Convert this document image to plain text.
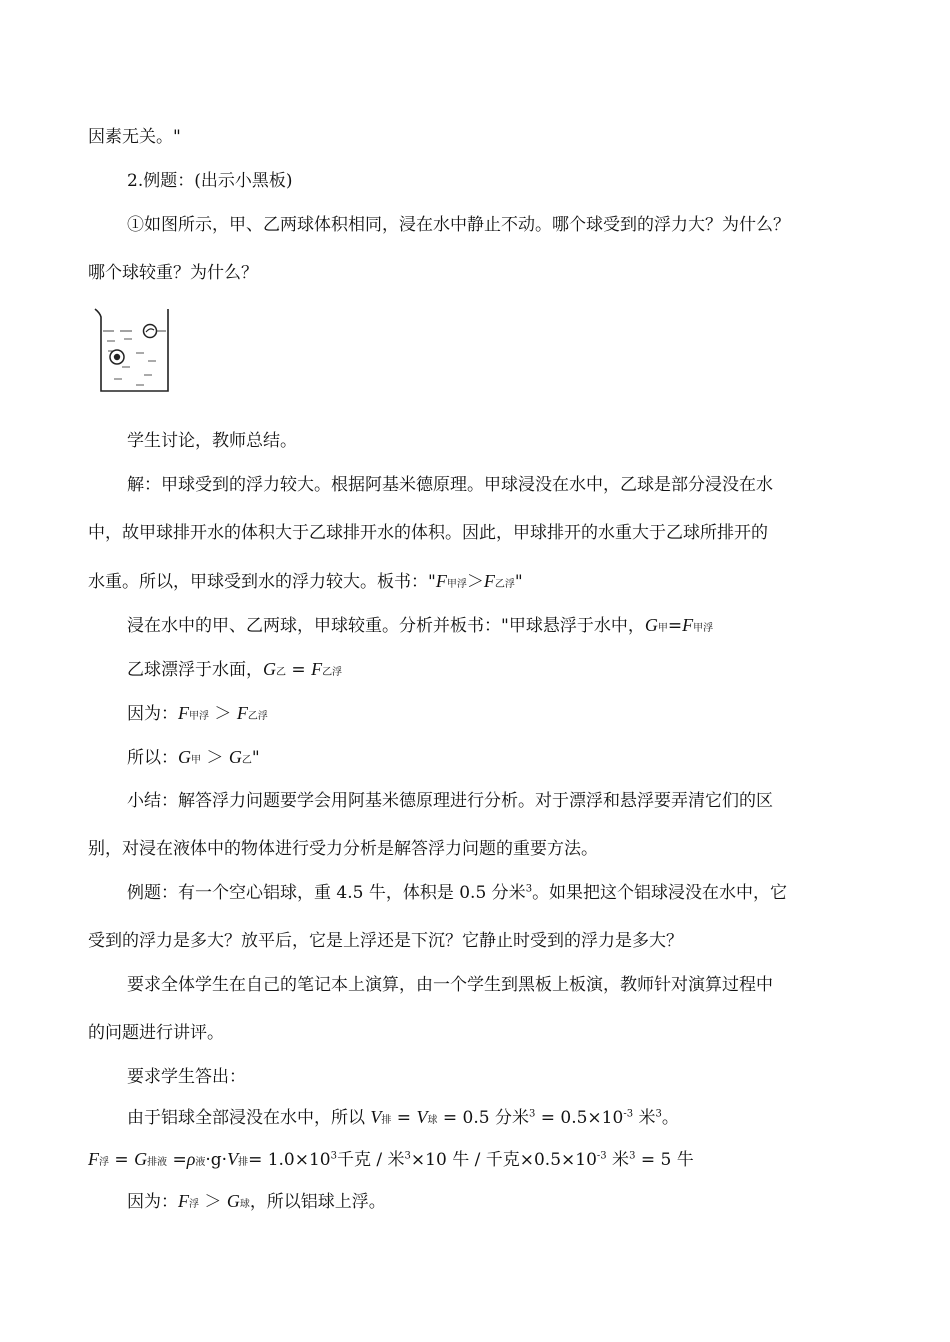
因素无关。"
2.例题：(出示小黑板)
①如图所示，甲、乙两球体积相同，浸在水中静止不动。哪个球受到的浮力大？为什么？
哪个球较重？为什么？
学生讨论，教师总结。
解：甲球受到的浮力较大。根据阿基米德原理。甲球浸没在水中，乙球是部分浸没在水
中，故甲球排开水的体积大于乙球排开水的体积。因此，甲球排开的水重大于乙球所排开的
水重。所以，甲球受到水的浮力较大。板书："F甲浮＞F乙浮"
浸在水中的甲、乙两球，甲球较重。分析并板书："甲球悬浮于水中，G甲=F甲浮
乙球漂浮于水面，G乙 = F乙浮
因为：F甲浮 ＞ F乙浮
所以：G甲 ＞ G乙"
小结：解答浮力问题要学会用阿基米德原理进行分析。对于漂浮和悬浮要弄清它们的区
别，对浸在液体中的物体进行受力分析是解答浮力问题的重要方法。
例题：有一个空心铝球，重 4.5 牛，体积是 0.5 分米$^3$。如果把这个铝球浸没在水中，它
受到的浮力是多大？放平后，它是上浮还是下沉？它静止时受到的浮力是多大？
要求全体学生在自己的笔记本上演算，由一个学生到黑板上板演，教师针对演算过程中
的问题进行讲评。
要求学生答出：
由于铝球全部浸没在水中，所以 V排 = V球 = 0.5 分米$^3 = 0.5\times 10^{-3}$ 米$^3$。
F浮 = G排液 =ρ液·g·V排= $1.0\times 10^3$千克 / 米$^3$×10 牛 / 千克$\times 0.5\times 10^{-3}$ 米$^3$ = 5 牛
因为：F浮 ＞ G球，所以铝球上浮。
